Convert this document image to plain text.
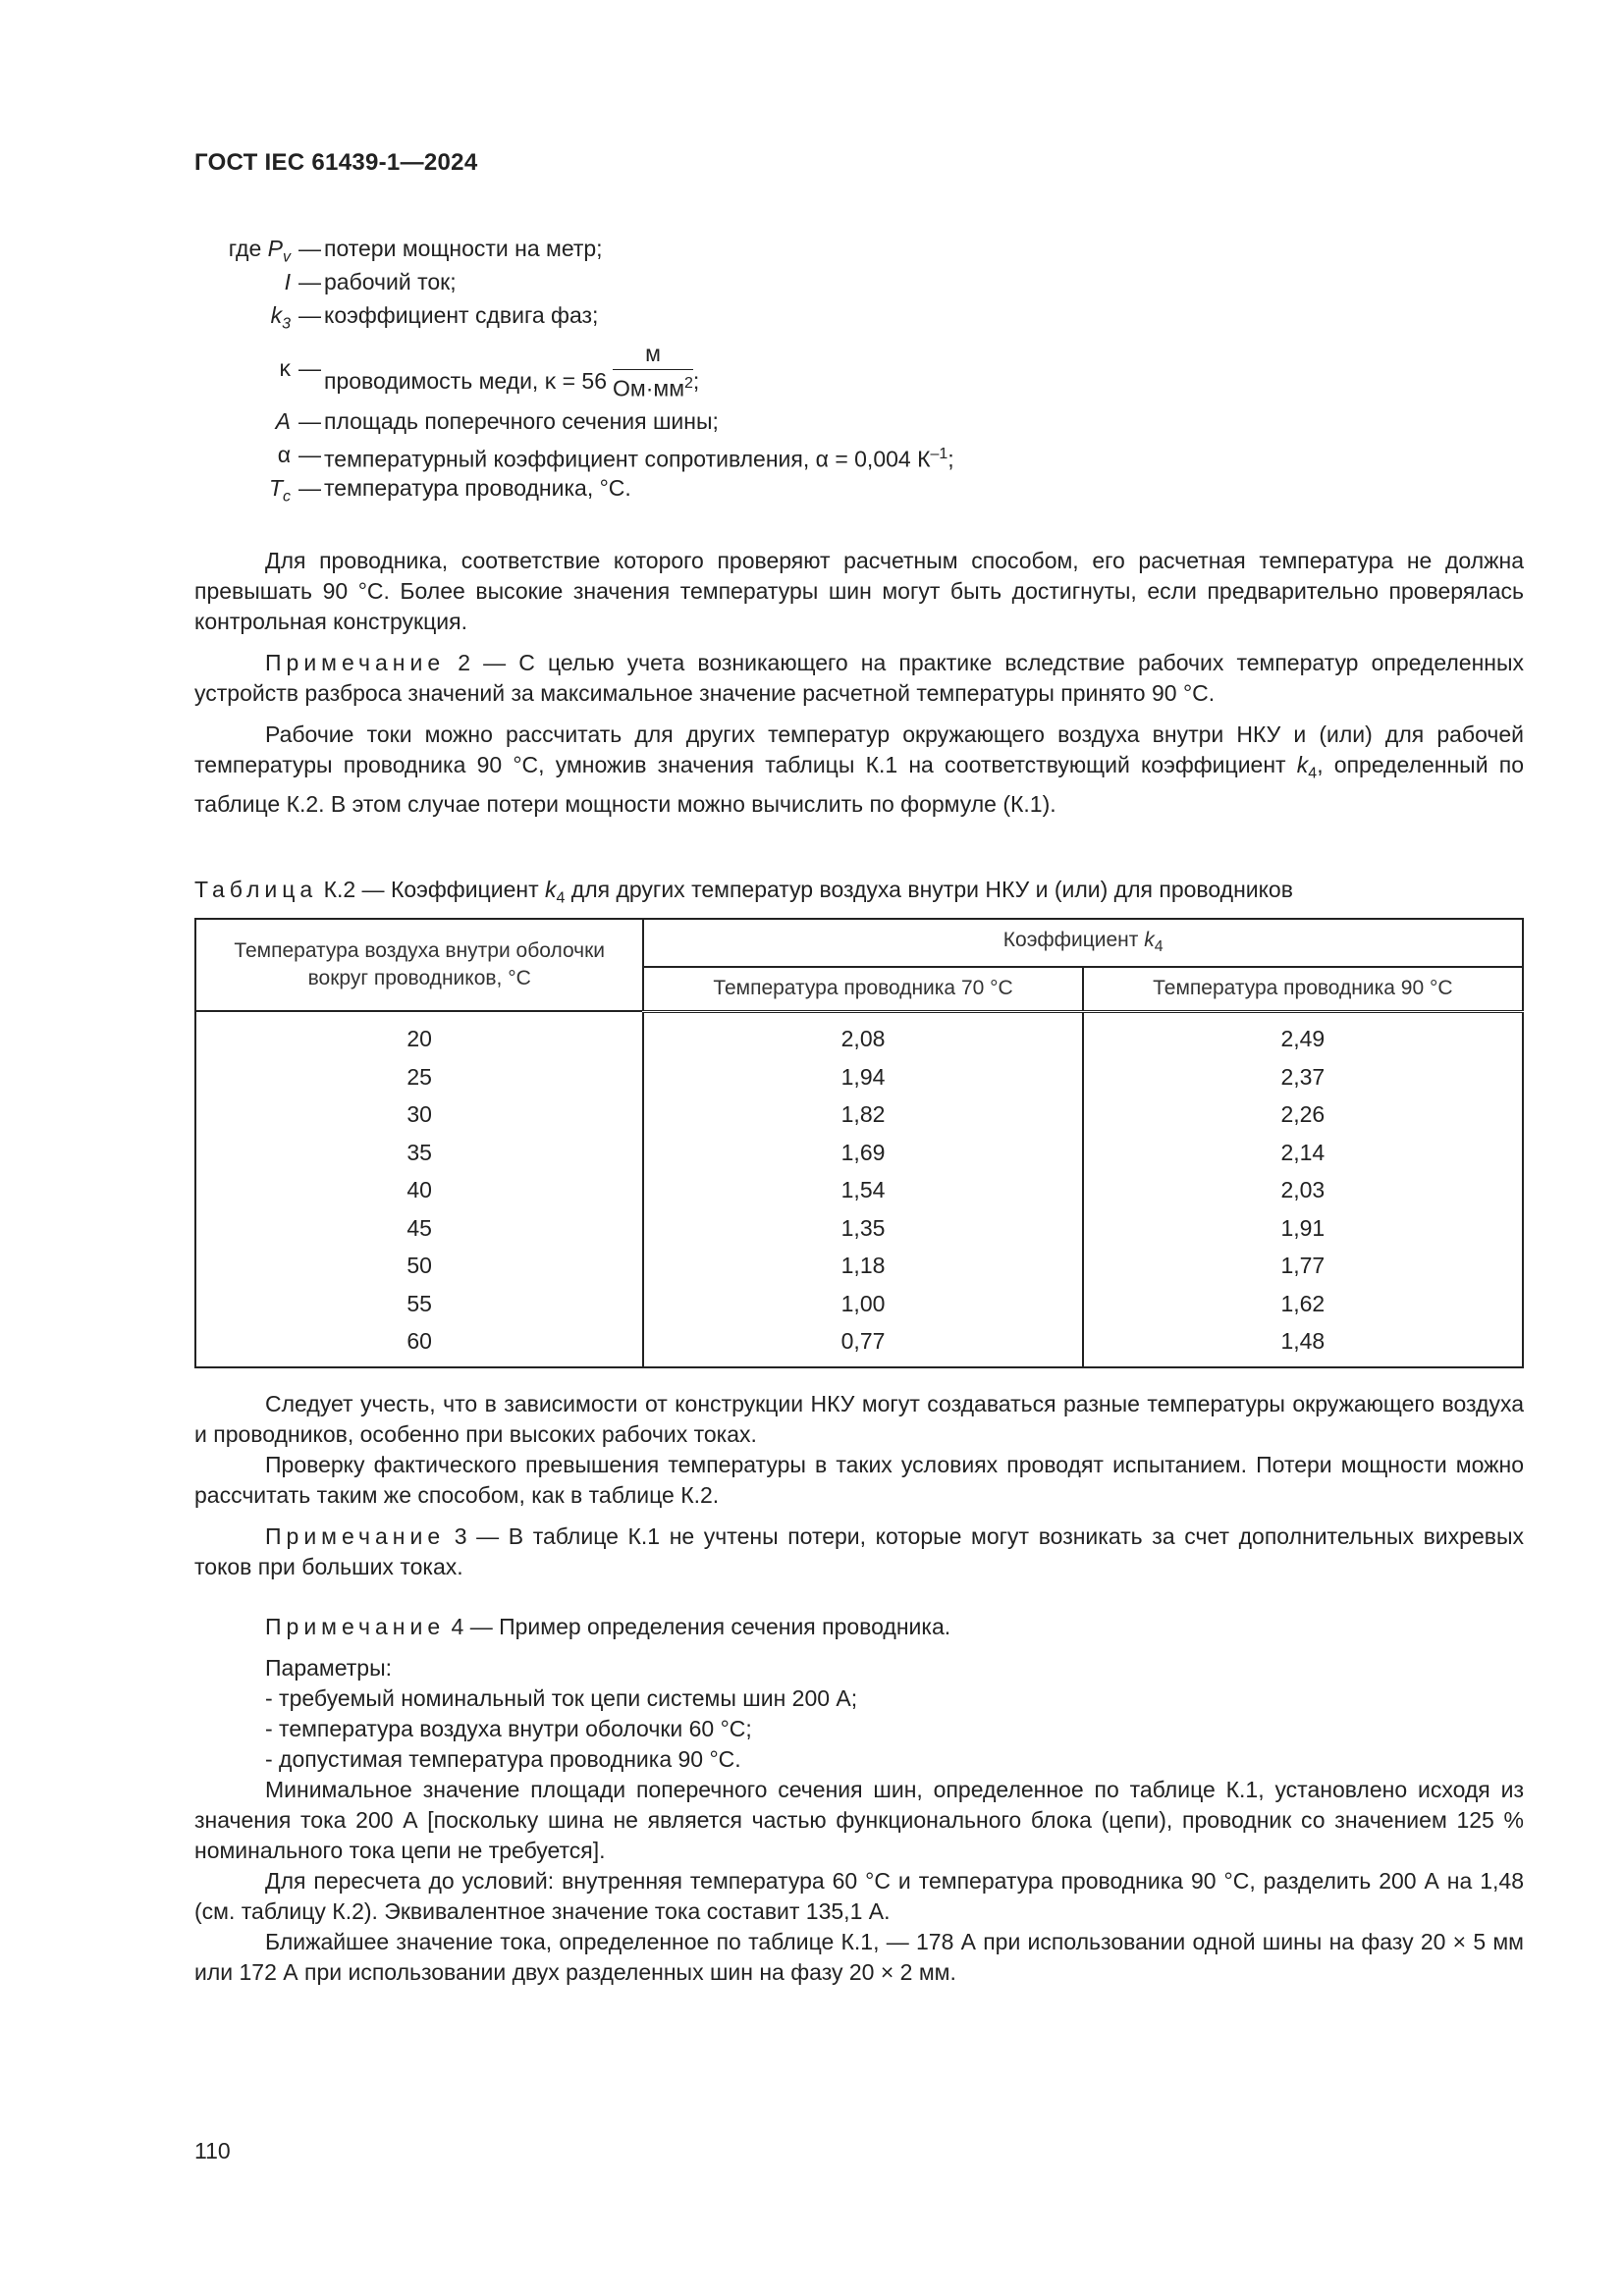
ГОСТ IEC 61439-1—2024
где $P_v$ — потери мощности на метр;
I — рабочий ток;
$k_3$ — коэффициент сдвига фаз;
κ — проводимость меди, $\kappa = 56 \frac{м}{Ом\cdot мм^2}$ ;
A — площадь поперечного сечения шины;
α — температурный коэффициент сопротивления, α = 0,004 $К^{-1}$;
$T_с$ — температура проводника, °C.

Для проводника, соответствие которого проверяют расчетным способом, его расчетная температура не должна превышать 90 °С. Более высокие значения температуры шин могут быть достигнуты, если предварительно проверялась контрольная конструкция.

Примечание 2 — С целью учета возникающего на практике вследствие рабочих температур определенных устройств разброса значений за максимальное значение расчетной температуры принято 90 °С.

Рабочие токи можно рассчитать для других температур окружающего воздуха внутри НКУ и (или) для рабочей температуры проводника 90 °С, умножив значения таблицы К.1 на соответствующий коэффициент $k_4$, определенный по таблице К.2. В этом случае потери мощности можно вычислить по формуле (К.1).

Таблица К.2 — Коэффициент $k_4$ для других температур воздуха внутри НКУ и (или) для проводников
Температура воздуха внутри оболочки вокруг проводников, °С	Коэффициент $k_4$
	Температура проводника 70 °С	Температура проводника 90 °С
20	2,08	2,49
25	1,94	2,37
30	1,82	2,26
35	1,69	2,14
40	1,54	2,03
45	1,35	1,91
50	1,18	1,77
55	1,00	1,62
60	0,77	1,48

Следует учесть, что в зависимости от конструкции НКУ могут создаваться разные температуры окружающего воздуха и проводников, особенно при высоких рабочих токах.

Проверку фактического превышения температуры в таких условиях проводят испытанием. Потери мощности можно рассчитать таким же способом, как в таблице К.2.

Примечание 3 — В таблице К.1 не учтены потери, которые могут возникать за счет дополнительных вихревых токов при больших токах.

Примечание 4 — Пример определения сечения проводника.

Параметры:

- требуемый номинальный ток цепи системы шин 200 А;
- температура воздуха внутри оболочки 60 °С;
- допустимая температура проводника 90 °С.

Минимальное значение площади поперечного сечения шин, определенное по таблице К.1, установлено исходя из значения тока 200 А [поскольку шина не является частью функционального блока (цепи), проводник со значением 125 % номинального тока цепи не требуется].

Для пересчета до условий: внутренняя температура 60 °С и температура проводника 90 °С, разделить 200 А на 1,48 (см. таблицу К.2). Эквивалентное значение тока составит 135,1 А.

Ближайшее значение тока, определенное по таблице К.1, — 178 А при использовании одной шины на фазу 20 × 5 мм или 172 А при использовании двух разделенных шин на фазу 20 × 2 мм.

110
